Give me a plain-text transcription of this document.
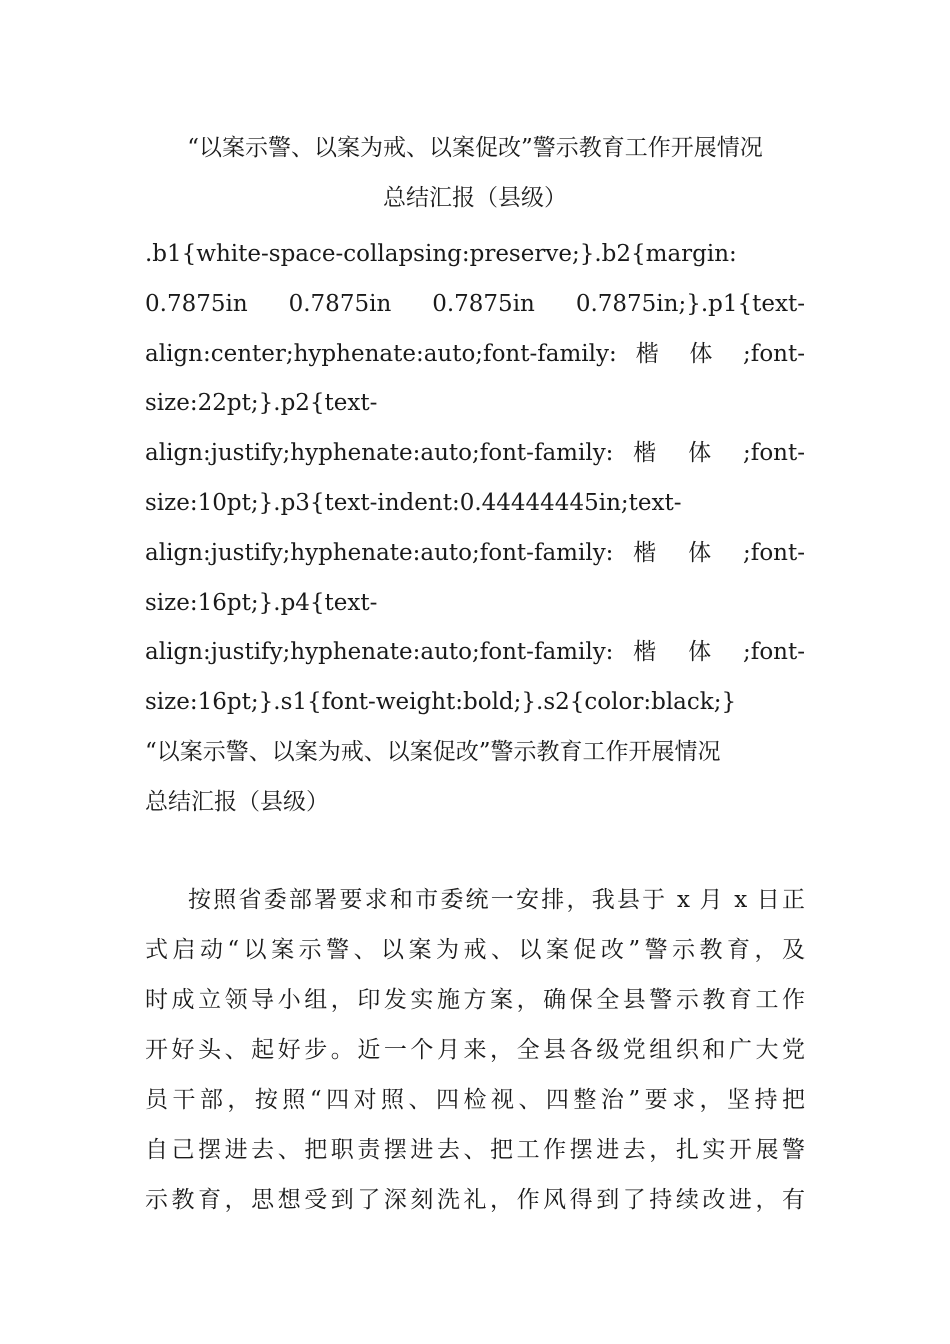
“以案示警、以案为戒、以案促改”警示教育工作开展情况
总结汇报（县级）
.b1{white-space-collapsing:preserve;}.b2{margin:
0.7875in 0.7875in 0.7875in 0.7875in;}.p1{text-
align:center;hyphenate:auto;font-family: 楷 体 ;font-
size:22pt;}.p2{text-
align:justify;hyphenate:auto;font-family: 楷 体 ;font-
size:10pt;}.p3{text-indent:0.44444445in;text-
align:justify;hyphenate:auto;font-family: 楷 体 ;font-
size:16pt;}.p4{text-
align:justify;hyphenate:auto;font-family: 楷 体 ;font-
size:16pt;}.s1{font-weight:bold;}.s2{color:black;}
“以案示警、以案为戒、以案促改”警示教育工作开展情况
总结汇报（县级）
按照省委部署要求和市委统一安排，我县于 x 月 x 日正
式启动“以案示警、以案为戒、以案促改”警示教育，及
时成立领导小组，印发实施方案，确保全县警示教育工作
开好头、起好步。近一个月来，全县各级党组织和广大党
员干部，按照“四对照、四检视、四整治”要求，坚持把
自己摆进去、把职责摆进去、把工作摆进去，扎实开展警
示教育，思想受到了深刻洗礼，作风得到了持续改进，有
